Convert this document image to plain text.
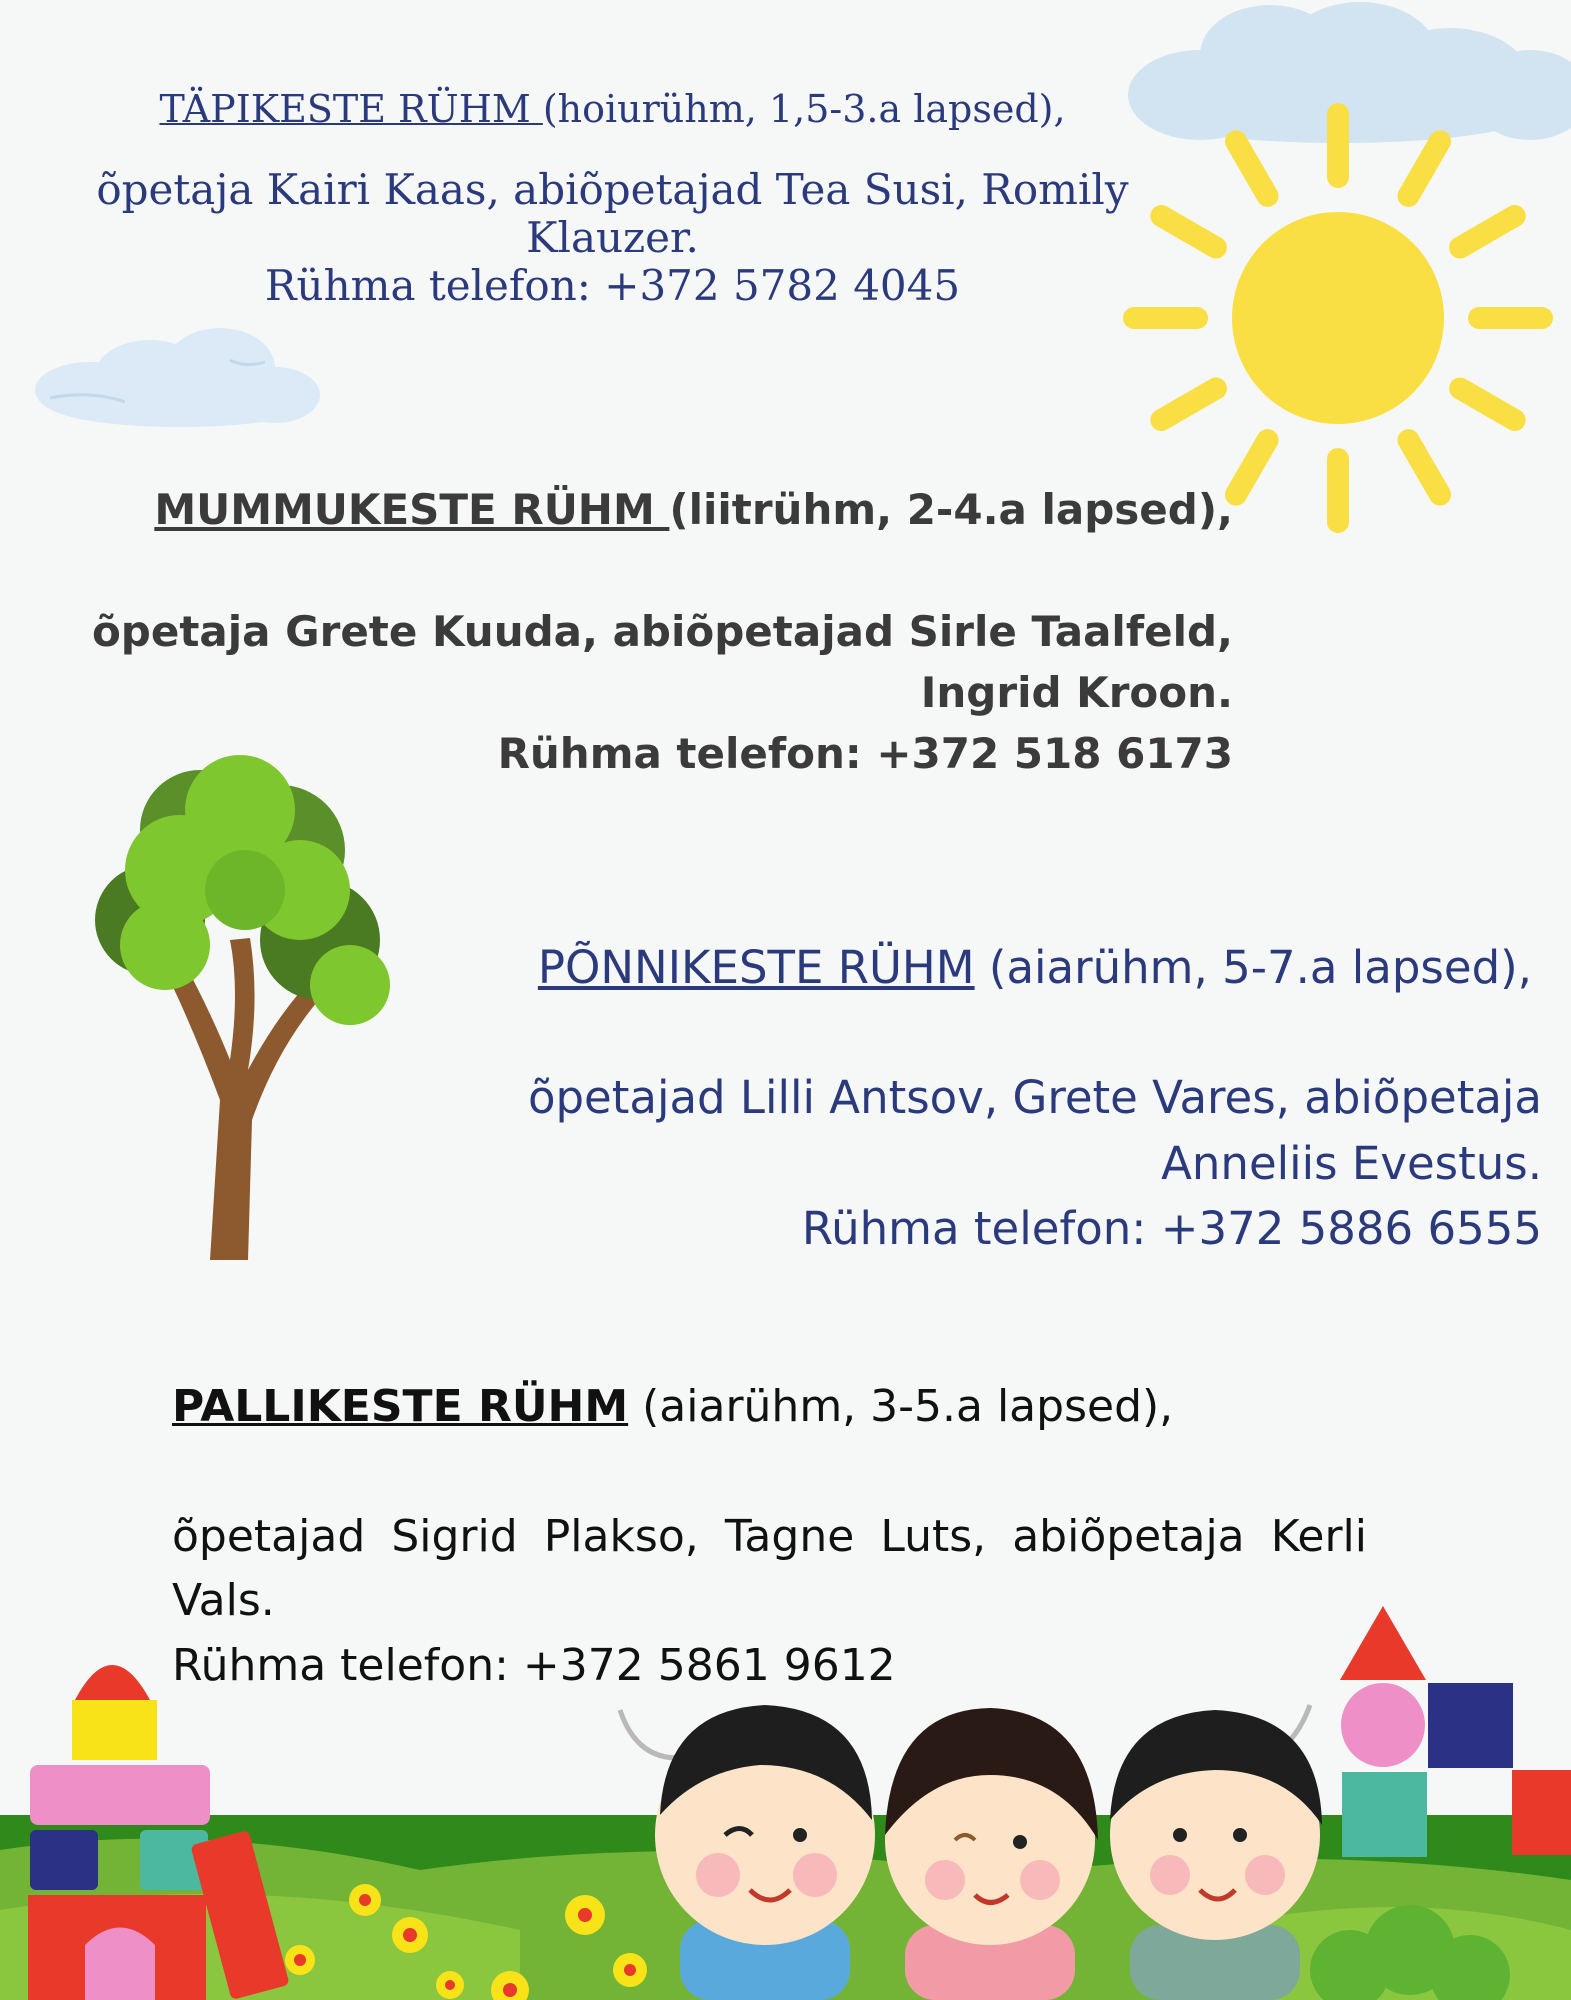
TÄPIKESTE RÜHM (hoiurühm, 1,5-3.a lapsed),

õpetaja Kairi Kaas, abiõpetajad Tea Susi, Romily Klauzer.

Rühma telefon: +372 5782 4045

MUMMUKESTE RÜHM (liitrühm, 2-4.a lapsed),

õpetaja Grete Kuuda, abiõpetajad Sirle Taalfeld, Ingrid Kroon.

Rühma telefon: +372 518 6173

PÕNNIKESTE RÜHM (aiarühm, 5-7.a lapsed),

õpetajad Lilli Antsov, Grete Vares, abiõpetaja Anneliis Evestus.

Rühma telefon: +372 5886 6555

PALLIKESTE RÜHM (aiarühm, 3-5.a lapsed),

õpetajad Sigrid Plakso, Tagne Luts, abiõpetaja Kerli Vals.

Rühma telefon: +372 5861 9612
